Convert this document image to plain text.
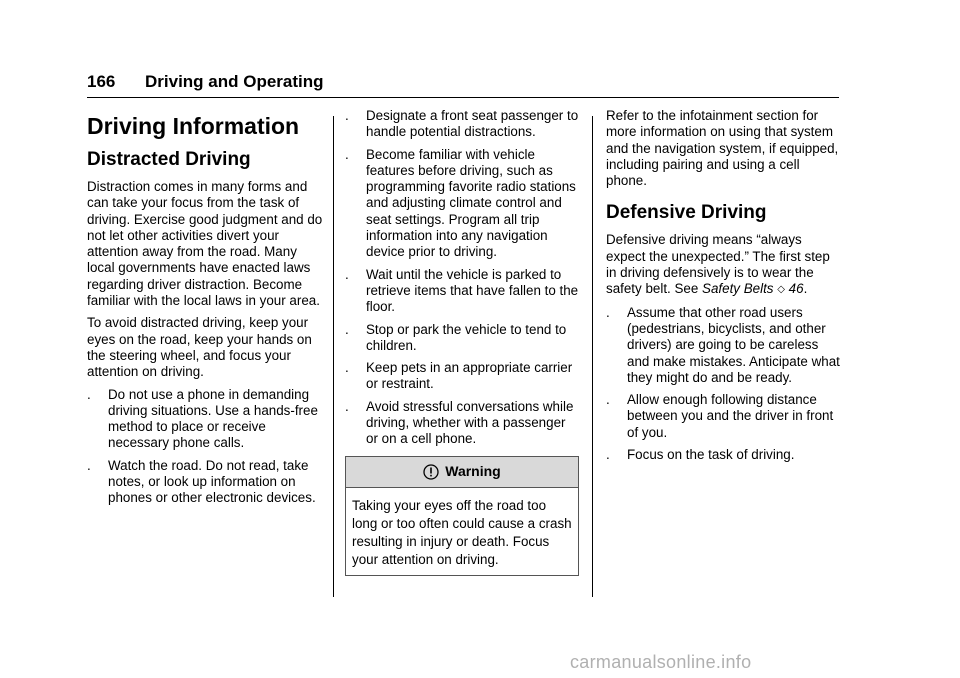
166 Driving and Operating
Driving Information
Distracted Driving

Distraction comes in many forms and can take your focus from the task of driving. Exercise good judgment and do not let other activities divert your attention away from the road. Many local governments have enacted laws regarding driver distraction. Become familiar with the local laws in your area.

To avoid distracted driving, keep your eyes on the road, keep your hands on the steering wheel, and focus your attention on driving.

. Do not use a phone in demanding driving situations. Use a hands-free method to place or receive necessary phone calls.
. Watch the road. Do not read, take notes, or look up information on phones or other electronic devices.
. Designate a front seat passenger to handle potential distractions.
. Become familiar with vehicle features before driving, such as programming favorite radio stations and adjusting climate control and seat settings. Program all trip information into any navigation device prior to driving.
. Wait until the vehicle is parked to retrieve items that have fallen to the floor.
. Stop or park the vehicle to tend to children.
. Keep pets in an appropriate carrier or restraint.
. Avoid stressful conversations while driving, whether with a passenger or on a cell phone.
Warning
Taking your eyes off the road too long or too often could cause a crash resulting in injury or death. Focus your attention on driving.

Refer to the infotainment section for more information on using that system and the navigation system, if equipped, including pairing and using a cell phone.

Defensive Driving

Defensive driving means “always expect the unexpected.” The first step in driving defensively is to wear the safety belt. See Safety Belts ◇ 46.

. Assume that other road users (pedestrians, bicyclists, and other drivers) are going to be careless and make mistakes. Anticipate what they might do and be ready.
. Allow enough following distance between you and the driver in front of you.
. Focus on the task of driving.
carmanualsonline.info
